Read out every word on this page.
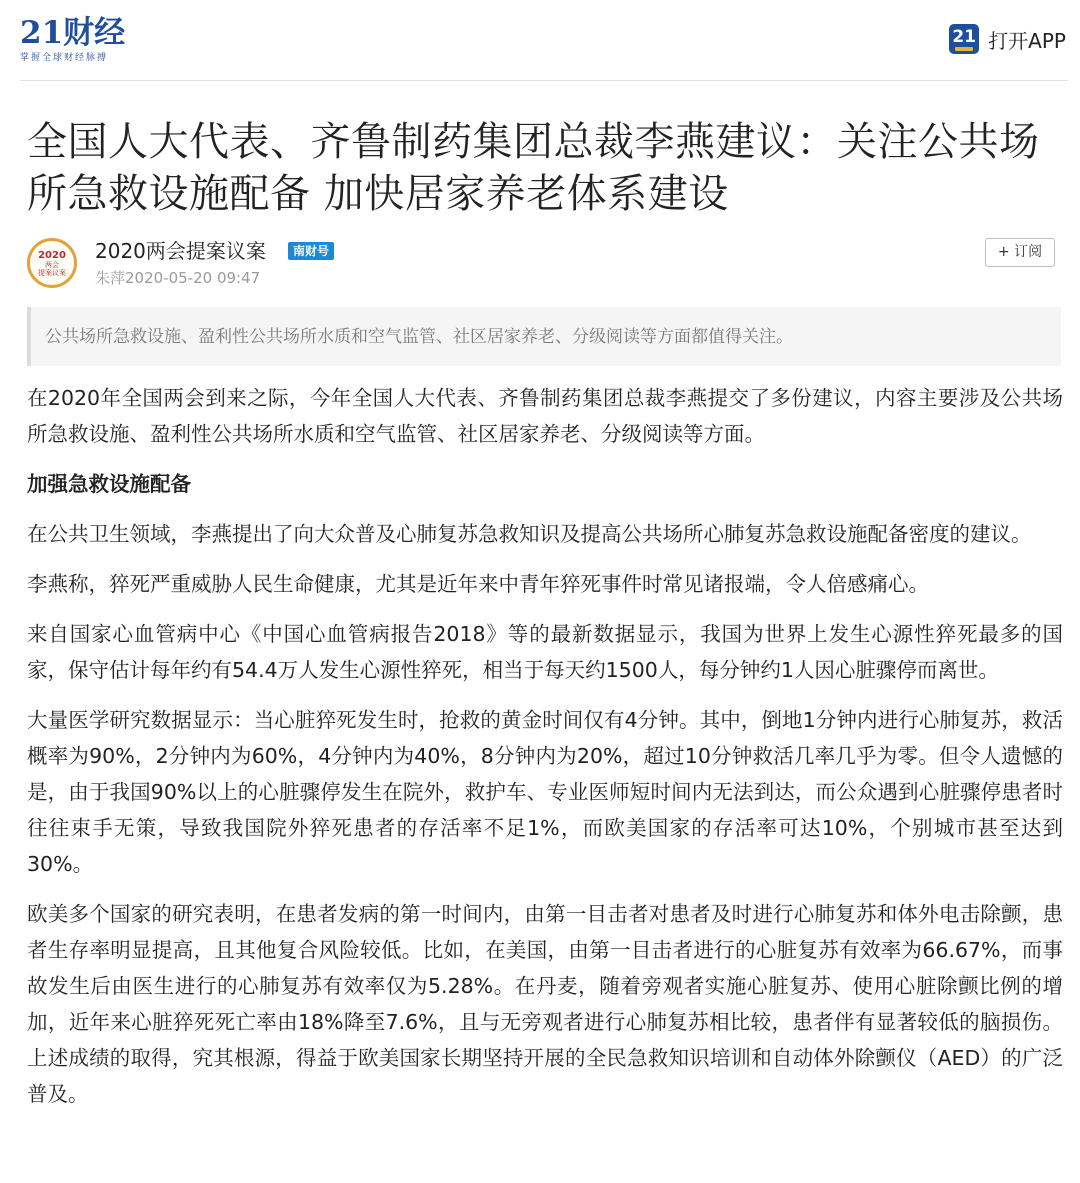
21财经
掌握全球财经脉搏
21 打开APP
全国人大代表、齐鲁制药集团总裁李燕建议：关注公共场所急救设施配备 加快居家养老体系建设
2020
两会
提案议案
2020两会提案议案	南财号
朱萍2020-05-20 09:47
+ 订阅
公共场所急救设施、盈利性公共场所水质和空气监管、社区居家养老、分级阅读等方面都值得关注。

在2020年全国两会到来之际，今年全国人大代表、齐鲁制药集团总裁李燕提交了多份建议，内容主要涉及公共场所急救设施、盈利性公共场所水质和空气监管、社区居家养老、分级阅读等方面。

加强急救设施配备

在公共卫生领域，李燕提出了向大众普及心肺复苏急救知识及提高公共场所心肺复苏急救设施配备密度的建议。

李燕称，猝死严重威胁人民生命健康，尤其是近年来中青年猝死事件时常见诸报端，令人倍感痛心。

来自国家心血管病中心《中国心血管病报告2018》等的最新数据显示，我国为世界上发生心源性猝死最多的国家，保守估计每年约有54.4万人发生心源性猝死，相当于每天约1500人，每分钟约1人因心脏骤停而离世。

大量医学研究数据显示：当心脏猝死发生时，抢救的黄金时间仅有4分钟。其中，倒地1分钟内进行心肺复苏，救活概率为90%，2分钟内为60%，4分钟内为40%，8分钟内为20%，超过10分钟救活几率几乎为零。但令人遗憾的是，由于我国90%以上的心脏骤停发生在院外，救护车、专业医师短时间内无法到达，而公众遇到心脏骤停患者时往往束手无策，导致我国院外猝死患者的存活率不足1%，而欧美国家的存活率可达10%，个别城市甚至达到30%。

欧美多个国家的研究表明，在患者发病的第一时间内，由第一目击者对患者及时进行心肺复苏和体外电击除颤，患者生存率明显提高，且其他复合风险较低。比如，在美国，由第一目击者进行的心脏复苏有效率为66.67%，而事故发生后由医生进行的心肺复苏有效率仅为5.28%。在丹麦，随着旁观者实施心脏复苏、使用心脏除颤比例的增加，近年来心脏猝死死亡率由18%降至7.6%，且与无旁观者进行心肺复苏相比较，患者伴有显著较低的脑损伤。上述成绩的取得，究其根源，得益于欧美国家长期坚持开展的全民急救知识培训和自动体外除颤仪（AED）的广泛普及。
